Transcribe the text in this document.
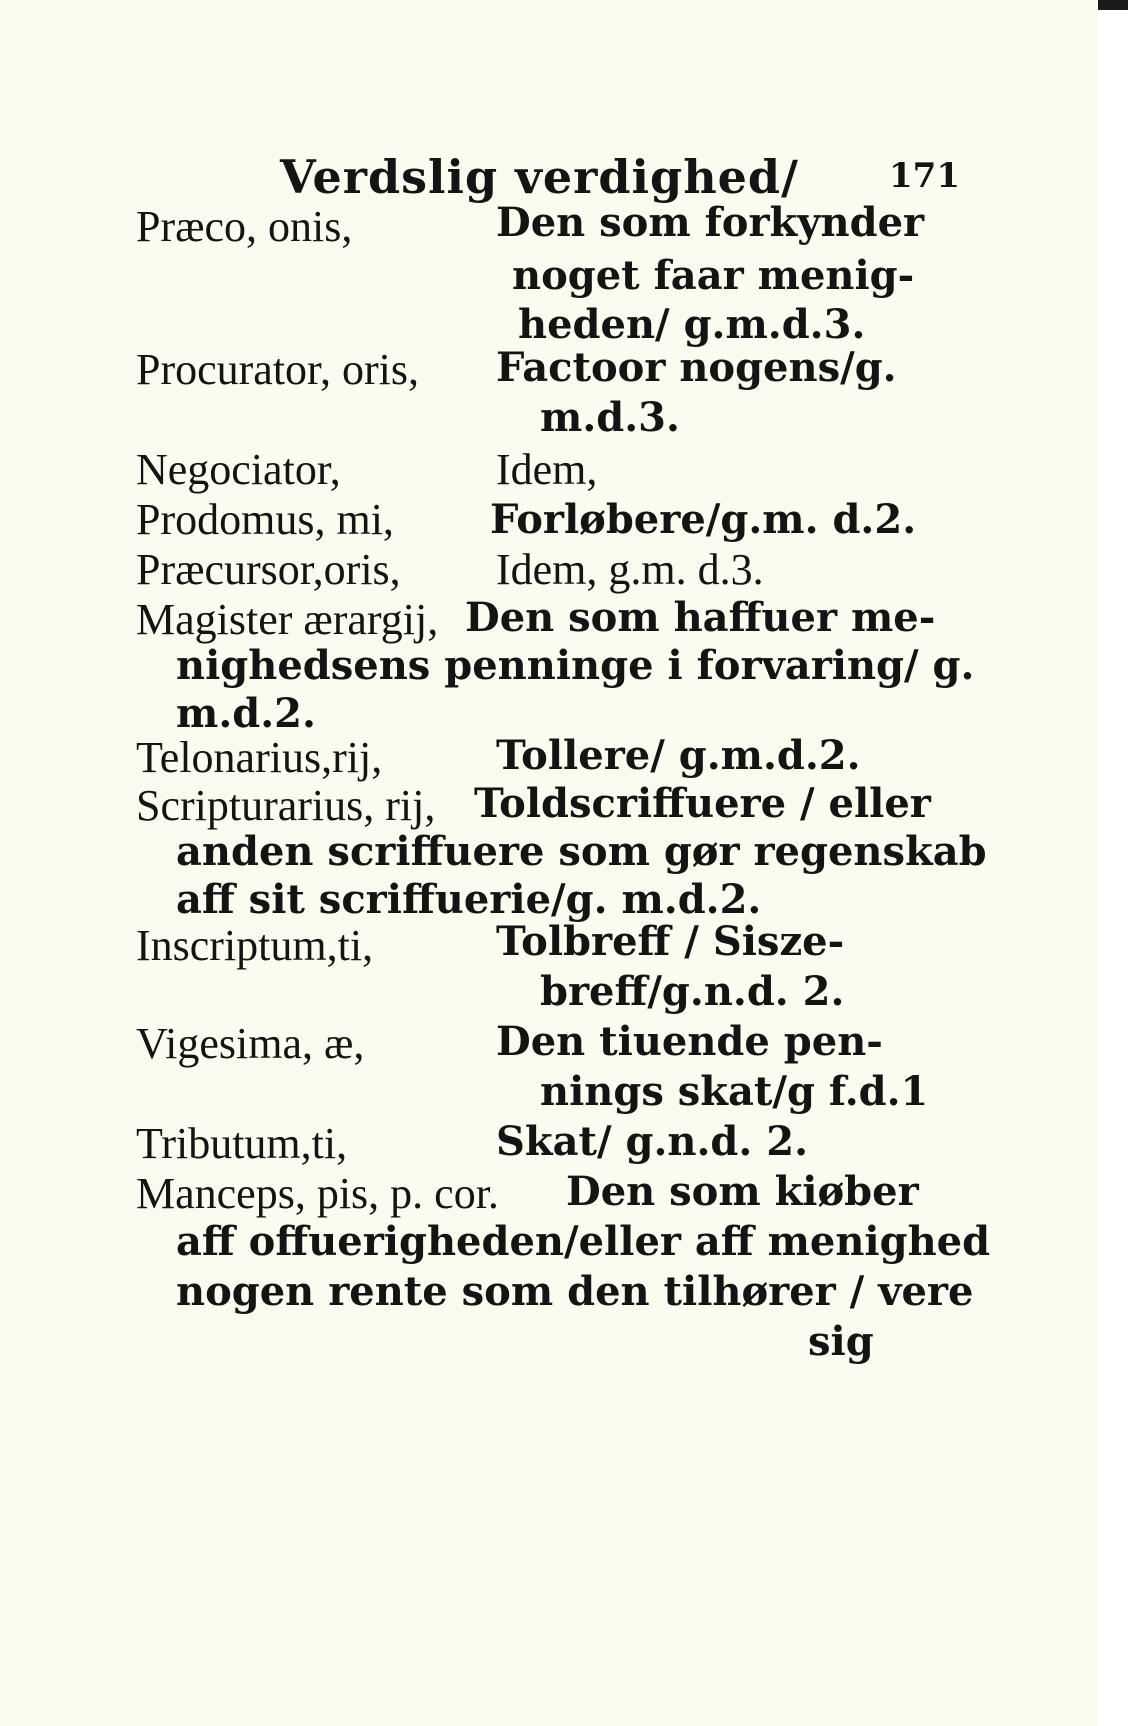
Verdslig verdighed/	171
Præco, onis,	Den som forkynder
noget faar menig-
heden/ g.m.d.3.
Procurator, oris, Factoor nogens/g.
m.d.3.
Negociator,	Idem,
Prodomus, mi, Forløbere/g.m. d.2.
Præcursor,oris, Idem, g.m. d.3.
Magister ærargij, Den som haffuer me-
nighedsens penninge i forvaring/ g.
m.d.2.
Telonarius,rij,	Tollere/ g.m.d.2.
Scripturarius, rij, Toldscriffuere / eller
anden scriffuere som gør regenskab
aff sit scriffuerie/g. m.d.2.
Inscriptum,ti,	Tolbreff / Sisze-
breff/g.n.d. 2.
Vigesima, æ,	Den tiuende pen-
nings skat/g f.d.1
Tributum,ti,	Skat/ g.n.d. 2.
Manceps, pis, p. cor. Den som kiøber
aff offuerigheden/eller aff menighed
nogen rente som den tilhører / vere
sig
